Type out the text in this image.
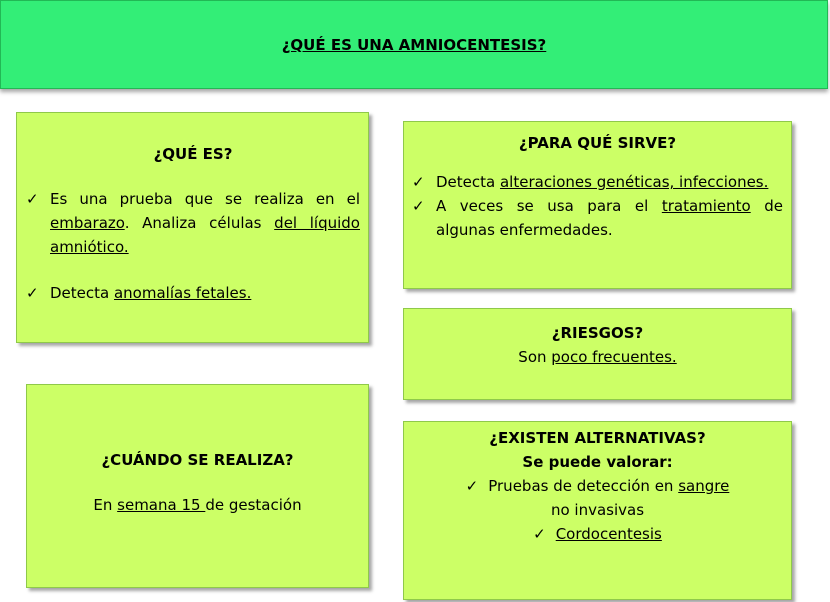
¿QUÉ ES UNA AMNIOCENTESIS?

¿QUÉ ES?

✓ Es una prueba que se realiza en el embarazo. Analiza células del líquido amniótico.
✓ Detecta anomalías fetales.

¿PARA QUÉ SIRVE?

✓ Detecta alteraciones genéticas, infecciones.
✓ A veces se usa para el tratamiento de algunas enfermedades.

¿RIESGOS?

Son poco frecuentes.

¿CUÁNDO SE REALIZA?

En semana 15 de gestación

¿EXISTEN ALTERNATIVAS?

Se puede valorar:

✓ Pruebas de detección en sangre no invasivas

✓ Cordocentesis
